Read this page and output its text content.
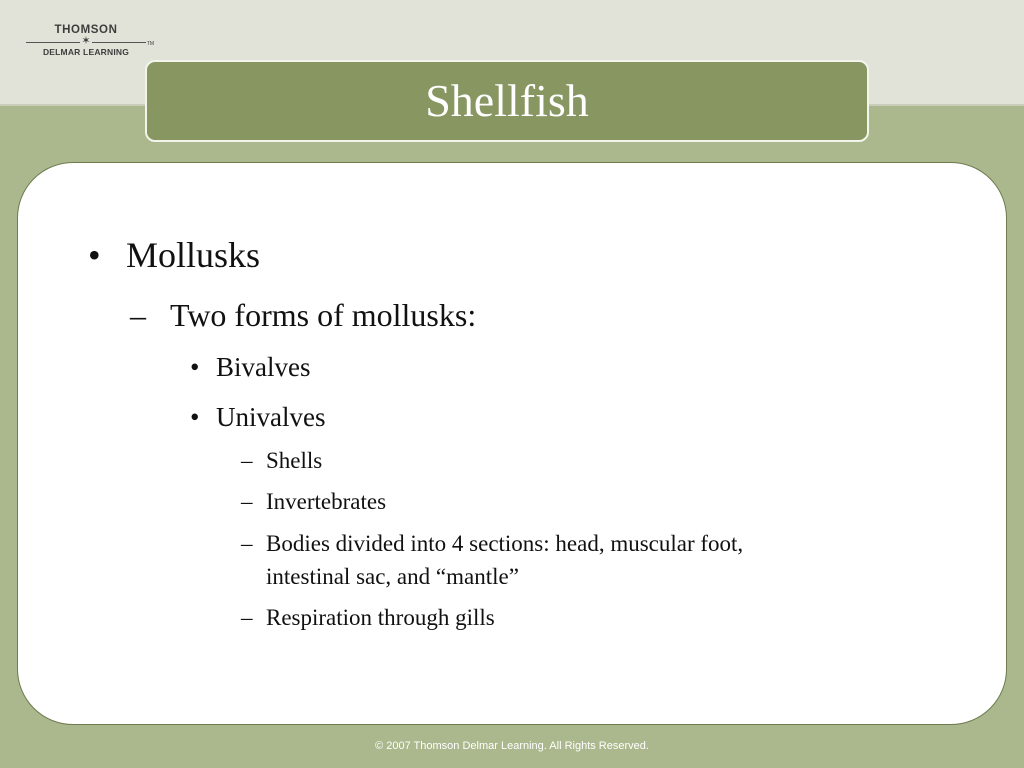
THOMSON
✶
DELMAR LEARNING
TM
Shellfish
• Mollusks
– Two forms of mollusks:
• Bivalves
• Univalves
– Shells
– Invertebrates
– Bodies divided into 4 sections: head, muscular foot,
intestinal sac, and “mantle”
– Respiration through gills
© 2007 Thomson Delmar Learning. All Rights Reserved.
